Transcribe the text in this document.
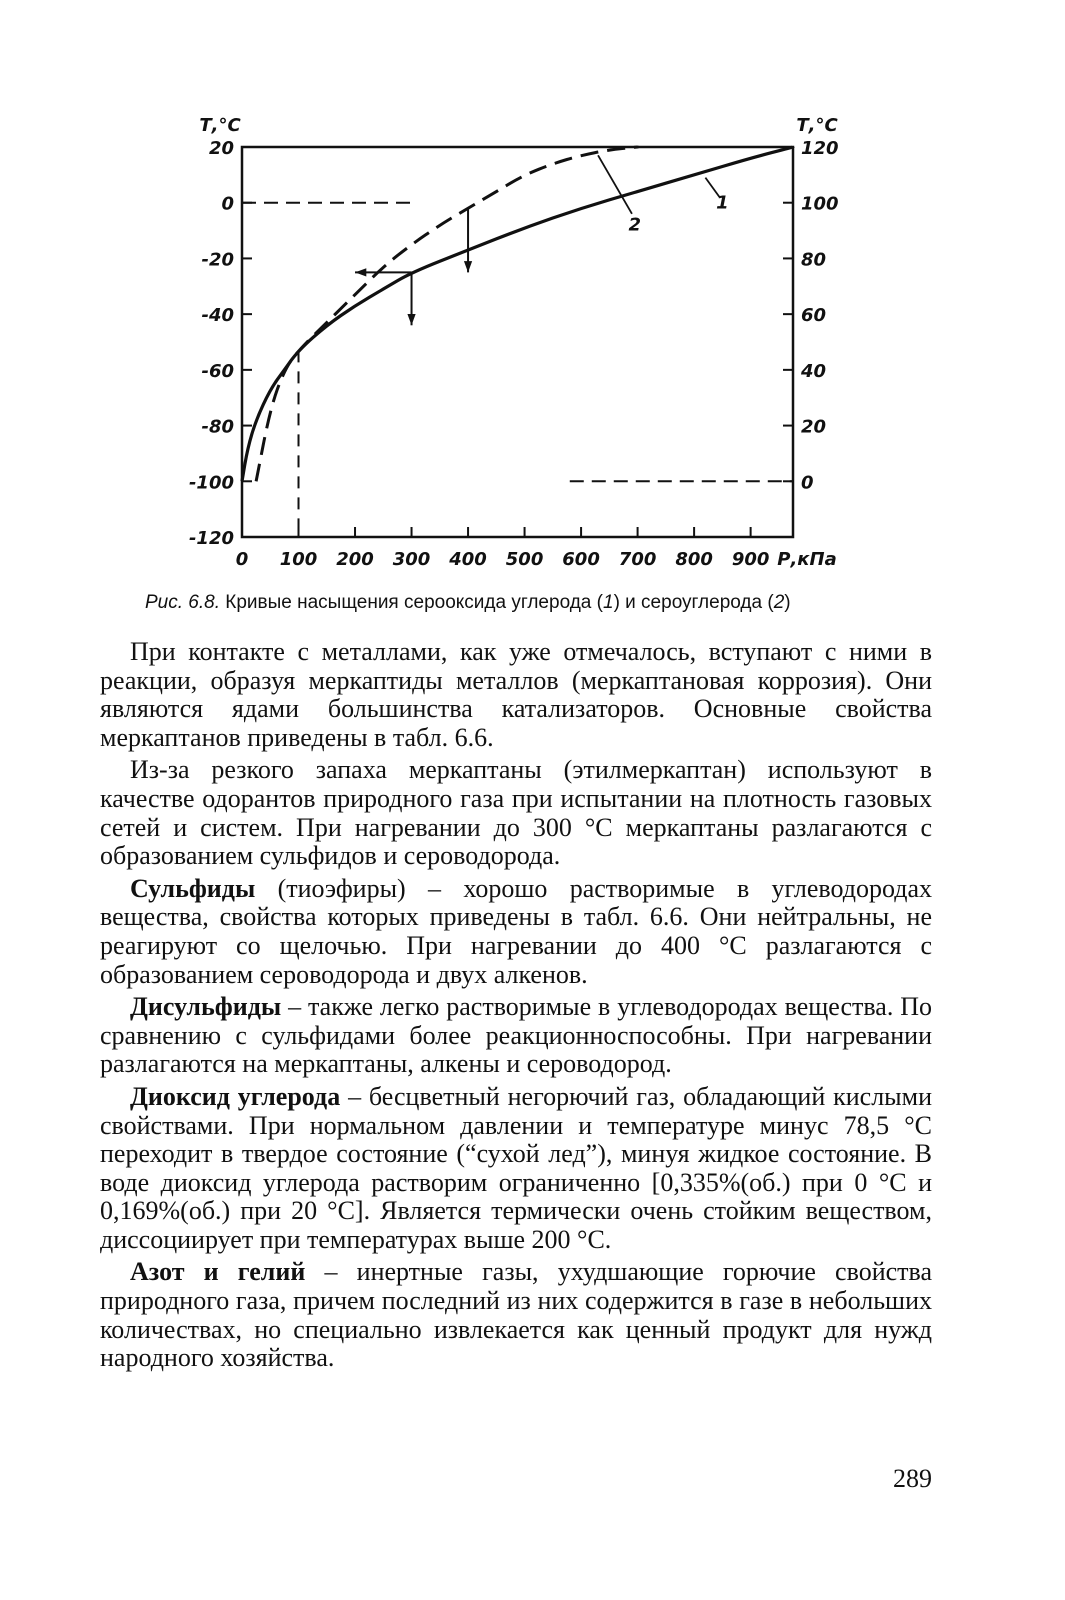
0 100 200 300 400 500 600 700 800 900 Р,кПа
20
0
-20
-40
-60
-80
-100
-120
Т,°С
120
100
80
60
40
20
0
Т,°С
2
1
Рис. 6.8. Кривые насыщения серооксида углерода (1) и сероуглерода (2)

При контакте с металлами, как уже отмечалось, вступают с ними в реакции, образуя меркаптиды металлов (меркаптановая коррозия). Они являются ядами большинства катализаторов. Основные свойства меркаптанов приведены в табл. 6.6.

Из-за резкого запаха меркаптаны (этилмеркаптан) используют в качестве одорантов природного газа при испытании на плотность газовых сетей и систем. При нагревании до 300 °С меркаптаны разлагаются с образованием сульфидов и сероводорода.

Сульфиды (тиоэфиры) – хорошо растворимые в углеводородах вещества, свойства которых приведены в табл. 6.6. Они нейтральны, не реагируют со щелочью. При нагревании до 400 °С разлагаются с образованием сероводорода и двух алкенов.

Дисульфиды – также легко растворимые в углеводородах вещества. По сравнению с сульфидами более реакционноспособны. При нагревании разлагаются на меркаптаны, алкены и сероводород.

Диоксид углерода – бесцветный негорючий газ, обладающий кислыми свойствами. При нормальном давлении и температуре минус 78,5 °С переходит в твердое состояние (“сухой лед”), минуя жидкое состояние. В воде диоксид углерода растворим ограниченно [0,335%(об.) при 0 °С и 0,169%(об.) при 20 °С]. Является термически очень стойким веществом, диссоциирует при температурах выше 200 °С.

Азот и гелий – инертные газы, ухудшающие горючие свойства природного газа, причем последний из них содержится в газе в небольших количествах, но специально извлекается как ценный продукт для нужд народного хозяйства.

289
